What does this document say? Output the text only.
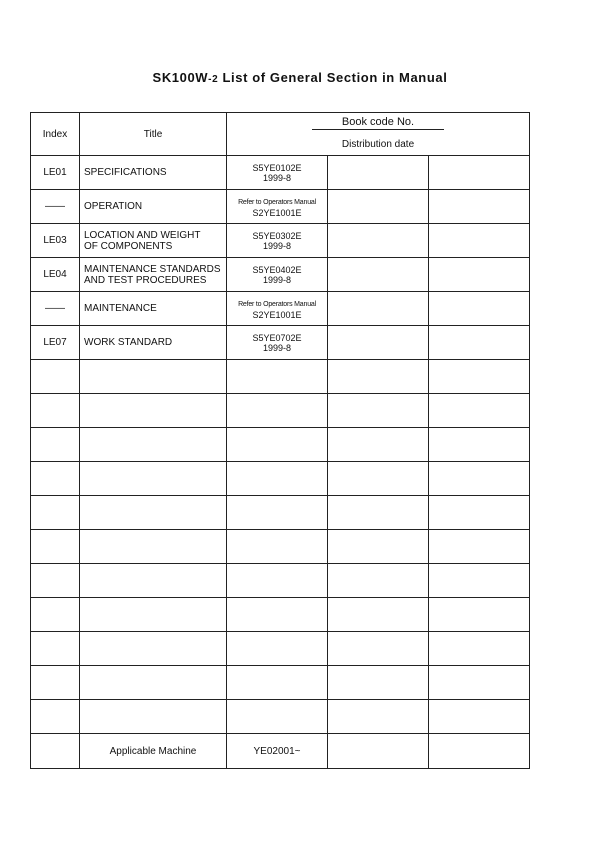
SK100W-2 List of General Section in Manual
Index	Title	Book code No.		

		Distribution date		
LE01	SPECIFICATIONS	S5YE0102E
1999-8		
——	OPERATION	Refer to Operators Manual
S2YE1001E		
LE03	LOCATION AND WEIGHT
OF COMPONENTS	S5YE0302E
1999-8		
LE04	MAINTENANCE STANDARDS
AND TEST PROCEDURES	S5YE0402E
1999-8		
——	MAINTENANCE	Refer to Operators Manual
S2YE1001E		
LE07	WORK STANDARD	S5YE0702E
1999-8		

	Applicable Machine	YE02001~		
